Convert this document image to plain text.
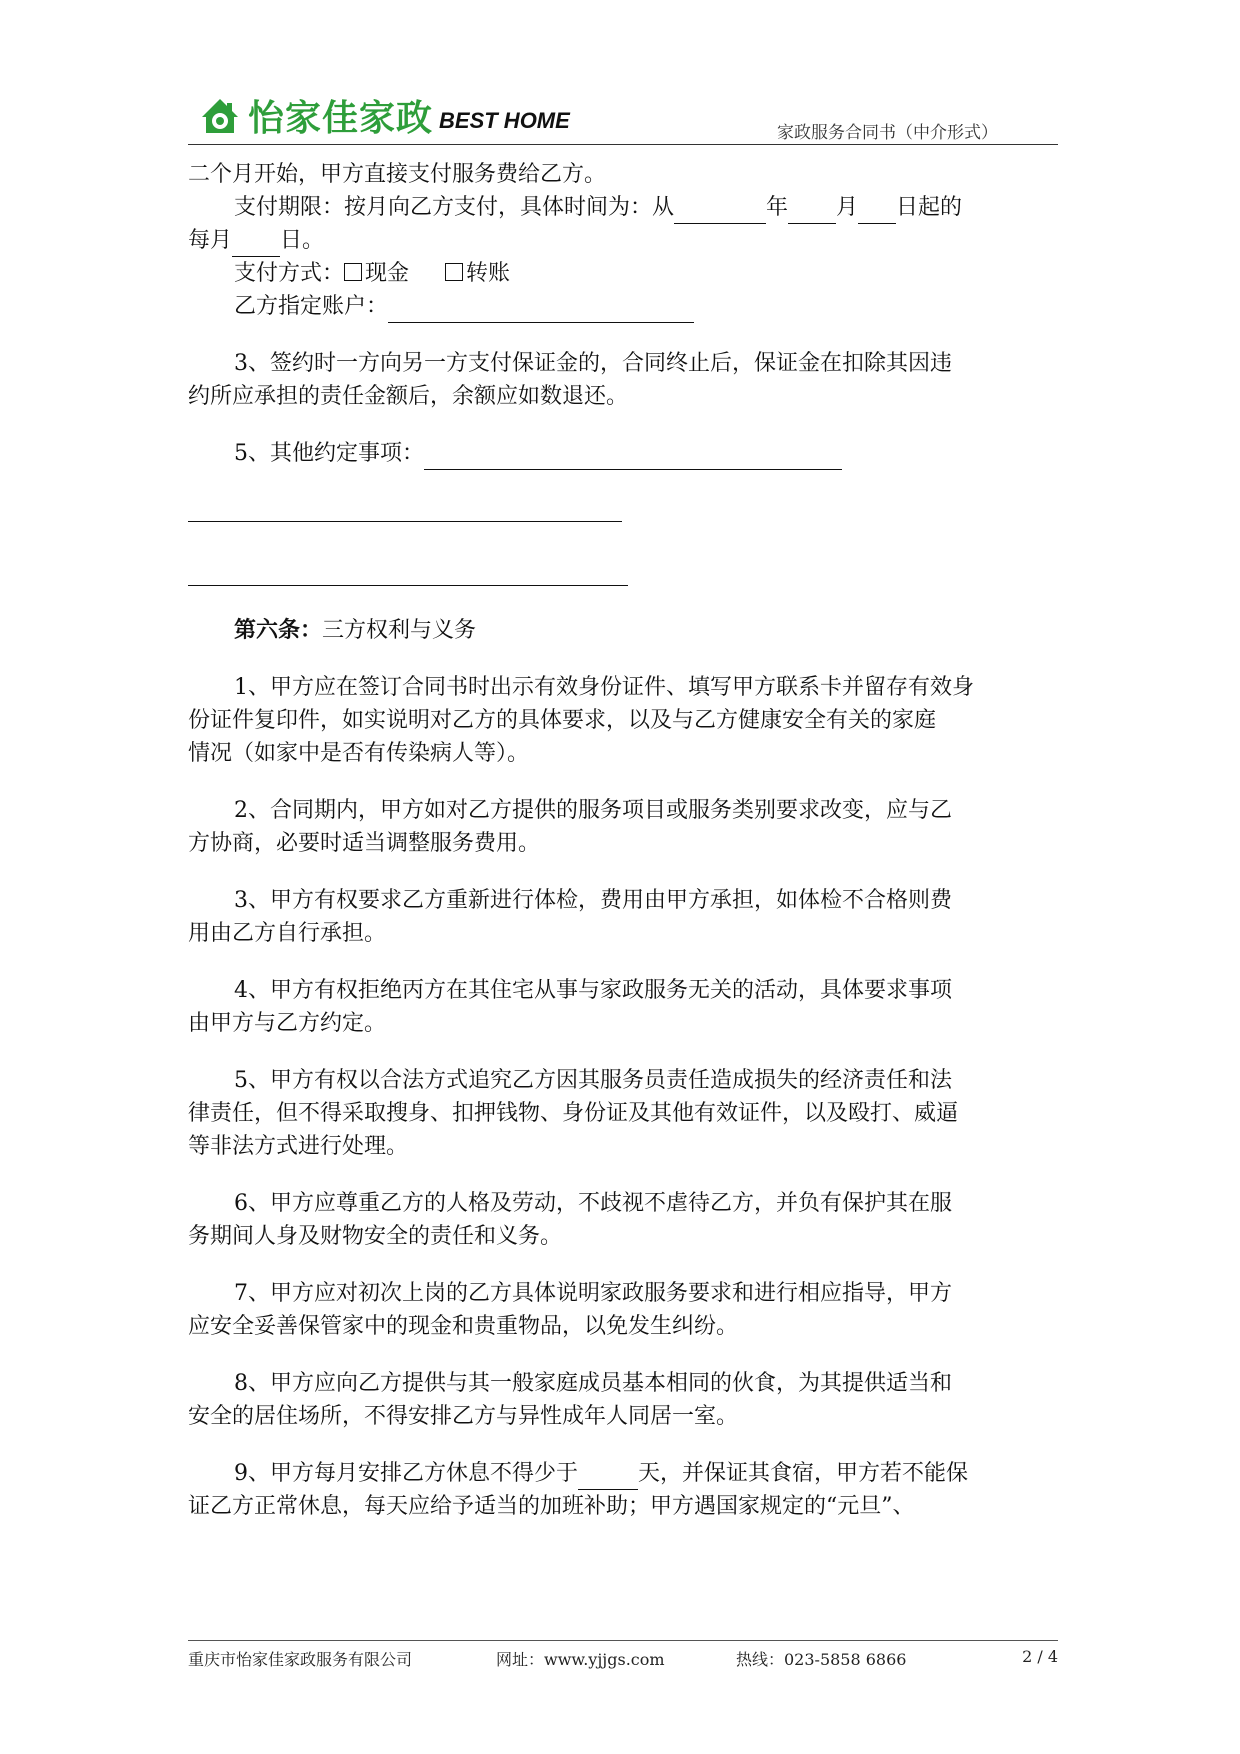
怡家佳家政 BEST HOME
家政服务合同书（中介形式）
二个月开始，甲方直接支付服务费给乙方。
支付期限：按月向乙方支付，具体时间为：从	年 月 日起的
每月 日。
支付方式： 现金	转账
乙方指定账户：
3、签约时一方向另一方支付保证金的，合同终止后，保证金在扣除其因违
约所应承担的责任金额后，余额应如数退还。
5、其他约定事项：
第六条：三方权利与义务
1、甲方应在签订合同书时出示有效身份证件、填写甲方联系卡并留存有效身
份证件复印件，如实说明对乙方的具体要求，以及与乙方健康安全有关的家庭
情况（如家中是否有传染病人等）。
2、合同期内，甲方如对乙方提供的服务项目或服务类别要求改变，应与乙
方协商，必要时适当调整服务费用。
3、甲方有权要求乙方重新进行体检，费用由甲方承担，如体检不合格则费
用由乙方自行承担。
4、甲方有权拒绝丙方在其住宅从事与家政服务无关的活动，具体要求事项
由甲方与乙方约定。
5、甲方有权以合法方式追究乙方因其服务员责任造成损失的经济责任和法
律责任，但不得采取搜身、扣押钱物、身份证及其他有效证件，以及殴打、威逼
等非法方式进行处理。
6、甲方应尊重乙方的人格及劳动，不歧视不虐待乙方，并负有保护其在服
务期间人身及财物安全的责任和义务。
7、甲方应对初次上岗的乙方具体说明家政服务要求和进行相应指导，甲方
应安全妥善保管家中的现金和贵重物品，以免发生纠纷。
8、甲方应向乙方提供与其一般家庭成员基本相同的伙食，为其提供适当和
安全的居住场所，不得安排乙方与异性成年人同居一室。
9、甲方每月安排乙方休息不得少于	天，并保证其食宿，甲方若不能保
证乙方正常休息，每天应给予适当的加班补助；甲方遇国家规定的“元旦”、
重庆市怡家佳家政服务有限公司	网址：www.yjjgs.com	热线：023-5858 6866	2 / 4
